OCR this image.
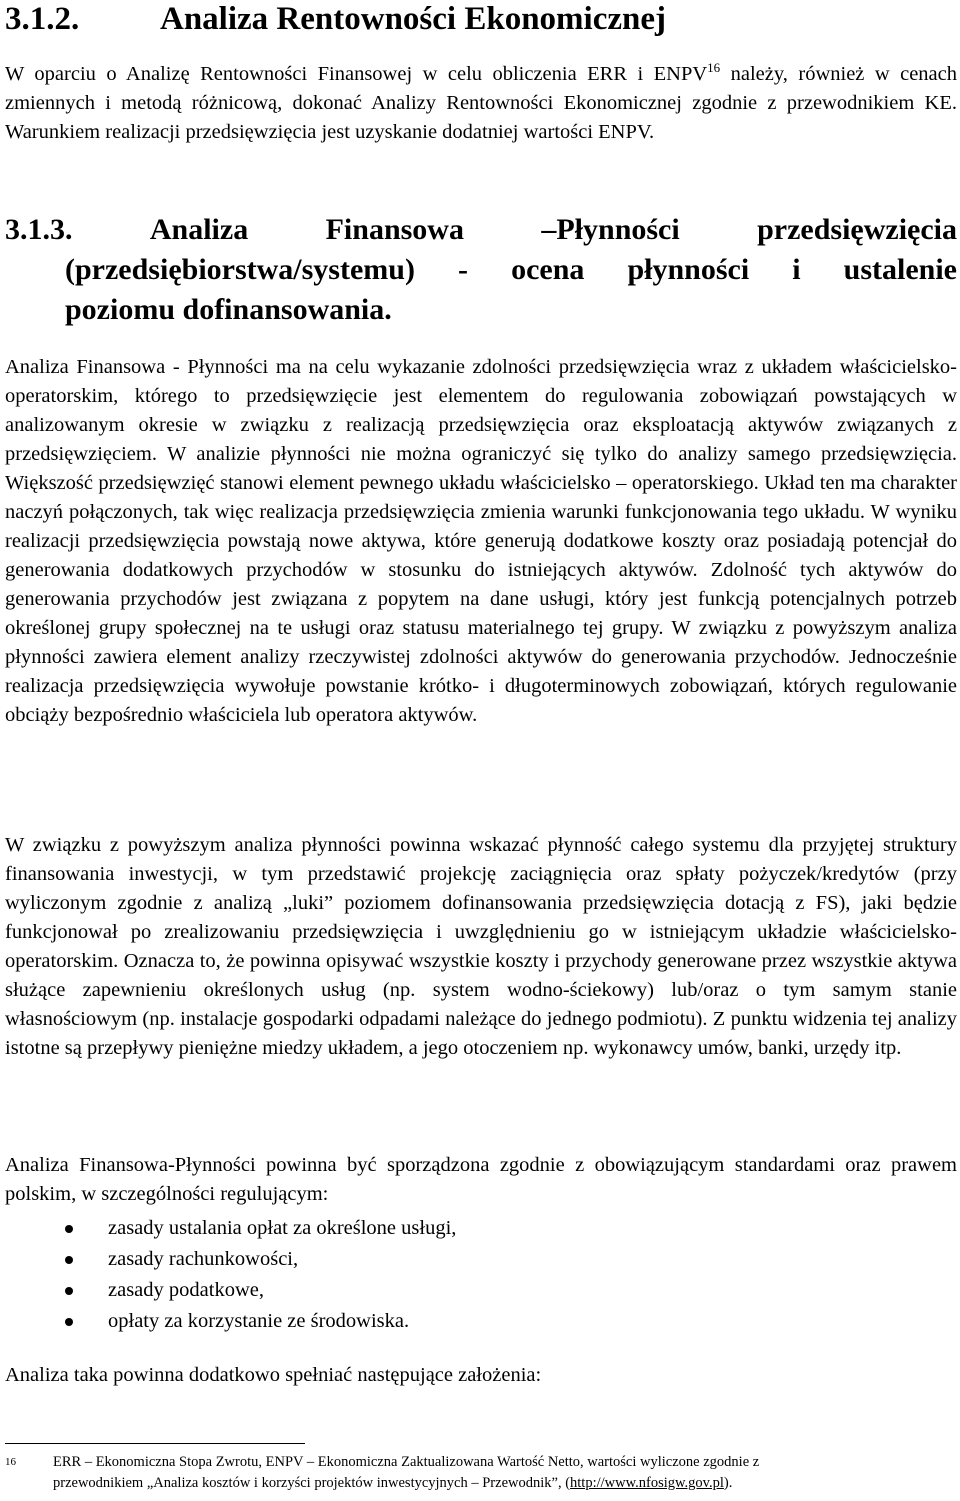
3.1.2. Analiza Rentowności Ekonomicznej

W oparciu o Analizę Rentowności Finansowej w celu obliczenia ERR i ENPV$^{16}$ należy, również w cenach zmiennych i metodą różnicową, dokonać Analizy Rentowności Ekonomicznej zgodnie z przewodnikiem KE. Warunkiem realizacji przedsięwzięcia jest uzyskanie dodatniej wartości ENPV.

3.1.3.	Analiza	Finansowa	–Płynności	przedsięwzięcia
(przedsiębiorstwa/systemu) - ocena płynności i ustalenie
poziomu dofinansowania.

Analiza Finansowa - Płynności ma na celu wykazanie zdolności przedsięwzięcia wraz z układem właścicielsko-operatorskim, którego to przedsięwzięcie jest elementem do regulowania zobowiązań powstających w analizowanym okresie w związku z realizacją przedsięwzięcia oraz eksploatacją aktywów związanych z przedsięwzięciem. W analizie płynności nie można ograniczyć się tylko do analizy samego przedsięwzięcia. Większość przedsięwzięć stanowi element pewnego układu właścicielsko – operatorskiego. Układ ten ma charakter naczyń połączonych, tak więc realizacja przedsięwzięcia zmienia warunki funkcjonowania tego układu. W wyniku realizacji przedsięwzięcia powstają nowe aktywa, które generują dodatkowe koszty oraz posiadają potencjał do generowania dodatkowych przychodów w stosunku do istniejących aktywów. Zdolność tych aktywów do generowania przychodów jest związana z popytem na dane usługi, który jest funkcją potencjalnych potrzeb określonej grupy społecznej na te usługi oraz statusu materialnego tej grupy. W związku z powyższym analiza płynności zawiera element analizy rzeczywistej zdolności aktywów do generowania przychodów. Jednocześnie realizacja przedsięwzięcia wywołuje powstanie krótko- i długoterminowych zobowiązań, których regulowanie obciąży bezpośrednio właściciela lub operatora aktywów.

W związku z powyższym analiza płynności powinna wskazać płynność całego systemu dla przyjętej struktury finansowania inwestycji, w tym przedstawić projekcję zaciągnięcia oraz spłaty pożyczek/kredytów (przy wyliczonym zgodnie z analizą „luki” poziomem dofinansowania przedsięwzięcia dotacją z FS), jaki będzie funkcjonował po zrealizowaniu przedsięwzięcia i uwzględnieniu go w istniejącym układzie właścicielsko-operatorskim. Oznacza to, że powinna opisywać wszystkie koszty i przychody generowane przez wszystkie aktywa służące zapewnieniu określonych usług (np. system wodno-ściekowy) lub/oraz o tym samym stanie własnościowym (np. instalacje gospodarki odpadami należące do jednego podmiotu). Z punktu widzenia tej analizy istotne są przepływy pieniężne miedzy układem, a jego otoczeniem np. wykonawcy umów, banki, urzędy itp.

Analiza Finansowa-Płynności powinna być sporządzona zgodnie z obowiązującym standardami oraz prawem polskim, w szczególności regulującym:

zasady ustalania opłat za określone usługi,
zasady rachunkowości,
zasady podatkowe,
opłaty za korzystanie ze środowiska.

Analiza taka powinna dodatkowo spełniać następujące założenia:

16	ERR – Ekonomiczna Stopa Zwrotu, ENPV – Ekonomiczna Zaktualizowana Wartość Netto, wartości wyliczone zgodnie z
przewodnikiem „Analiza kosztów i korzyści projektów inwestycyjnych – Przewodnik”, (http://www.nfosigw.gov.pl).
